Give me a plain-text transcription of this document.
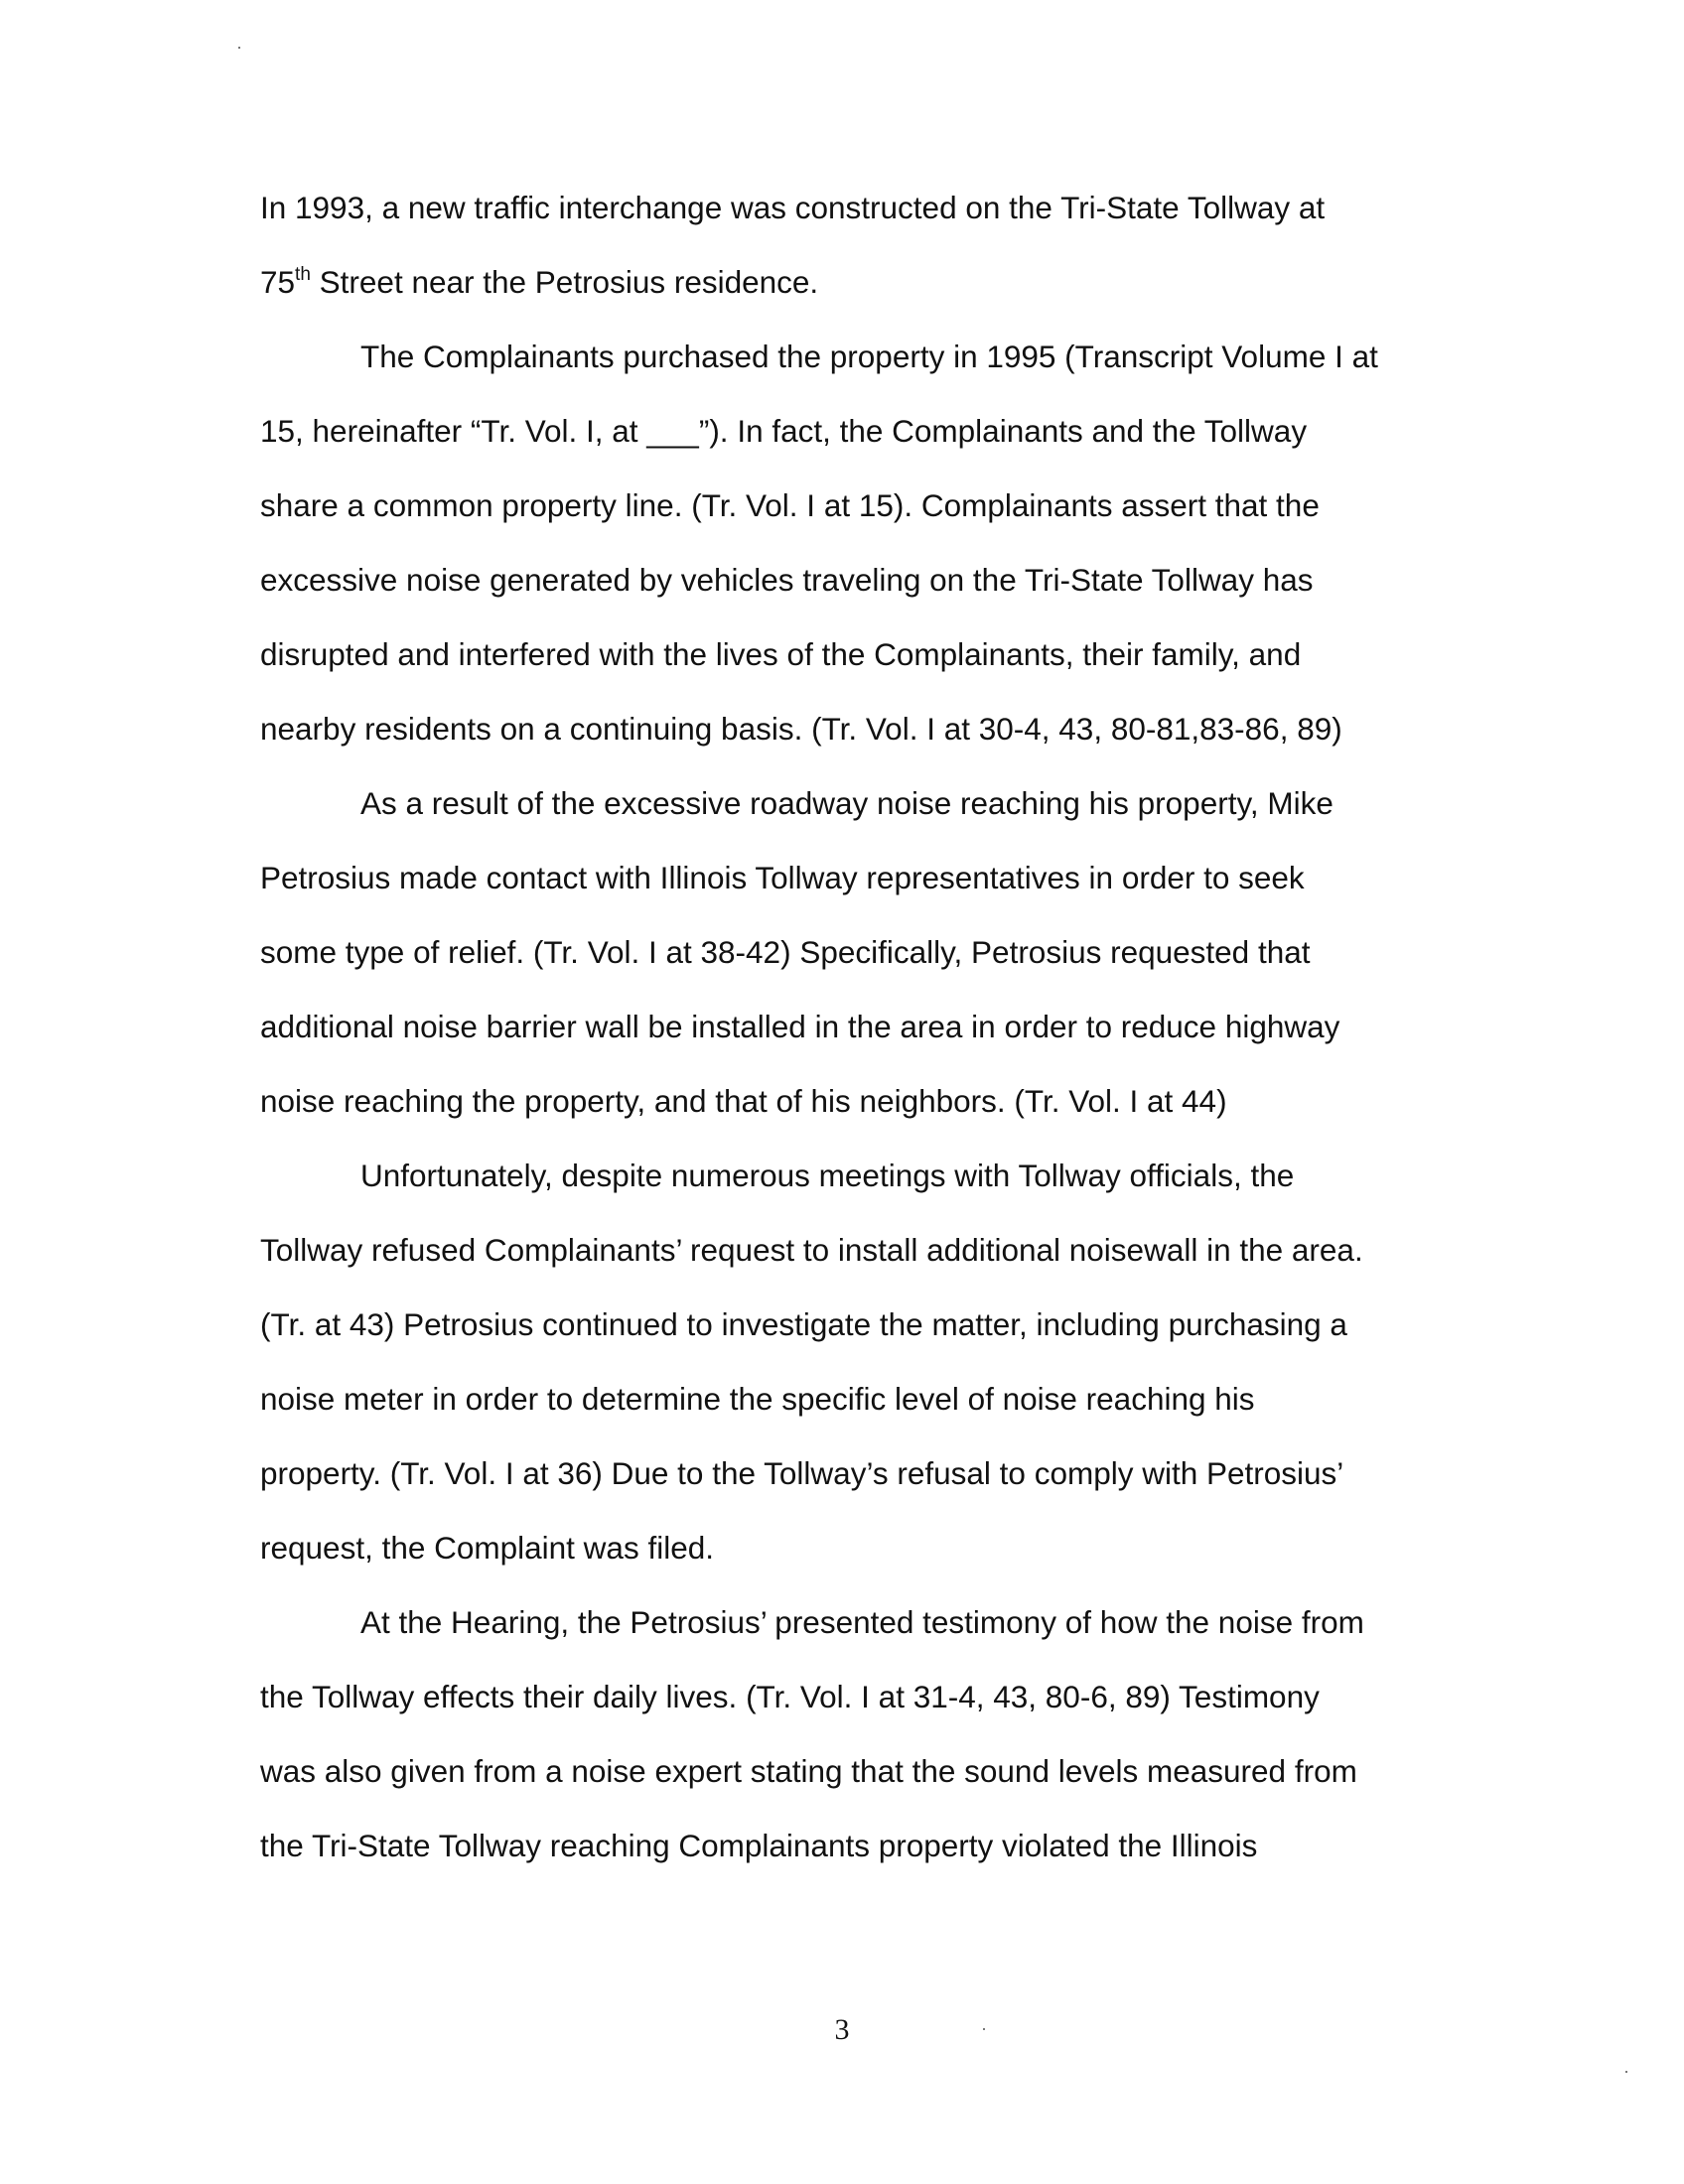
In 1993, a new traffic interchange was constructed on the Tri-State Tollway at
75th Street near the Petrosius residence.
The Complainants purchased the property in 1995 (Transcript Volume I at
15, hereinafter “Tr. Vol. I, at ___”). In fact, the Complainants and the Tollway
share a common property line. (Tr. Vol. I at 15). Complainants assert that the
excessive noise generated by vehicles traveling on the Tri-State Tollway has
disrupted and interfered with the lives of the Complainants, their family, and
nearby residents on a continuing basis. (Tr. Vol. I at 30-4, 43, 80-81,83-86, 89)
As a result of the excessive roadway noise reaching his property, Mike
Petrosius made contact with Illinois Tollway representatives in order to seek
some type of relief. (Tr. Vol. I at 38-42) Specifically, Petrosius requested that
additional noise barrier wall be installed in the area in order to reduce highway
noise reaching the property, and that of his neighbors. (Tr. Vol. I at 44)
Unfortunately, despite numerous meetings with Tollway officials, the
Tollway refused Complainants’ request to install additional noisewall in the area.
(Tr. at 43) Petrosius continued to investigate the matter, including purchasing a
noise meter in order to determine the specific level of noise reaching his
property. (Tr. Vol. I at 36) Due to the Tollway’s refusal to comply with Petrosius’
request, the Complaint was filed.
At the Hearing, the Petrosius’ presented testimony of how the noise from
the Tollway effects their daily lives. (Tr. Vol. I at 31-4, 43, 80-6, 89) Testimony
was also given from a noise expert stating that the sound levels measured from
the Tri-State Tollway reaching Complainants property violated the Illinois
3
